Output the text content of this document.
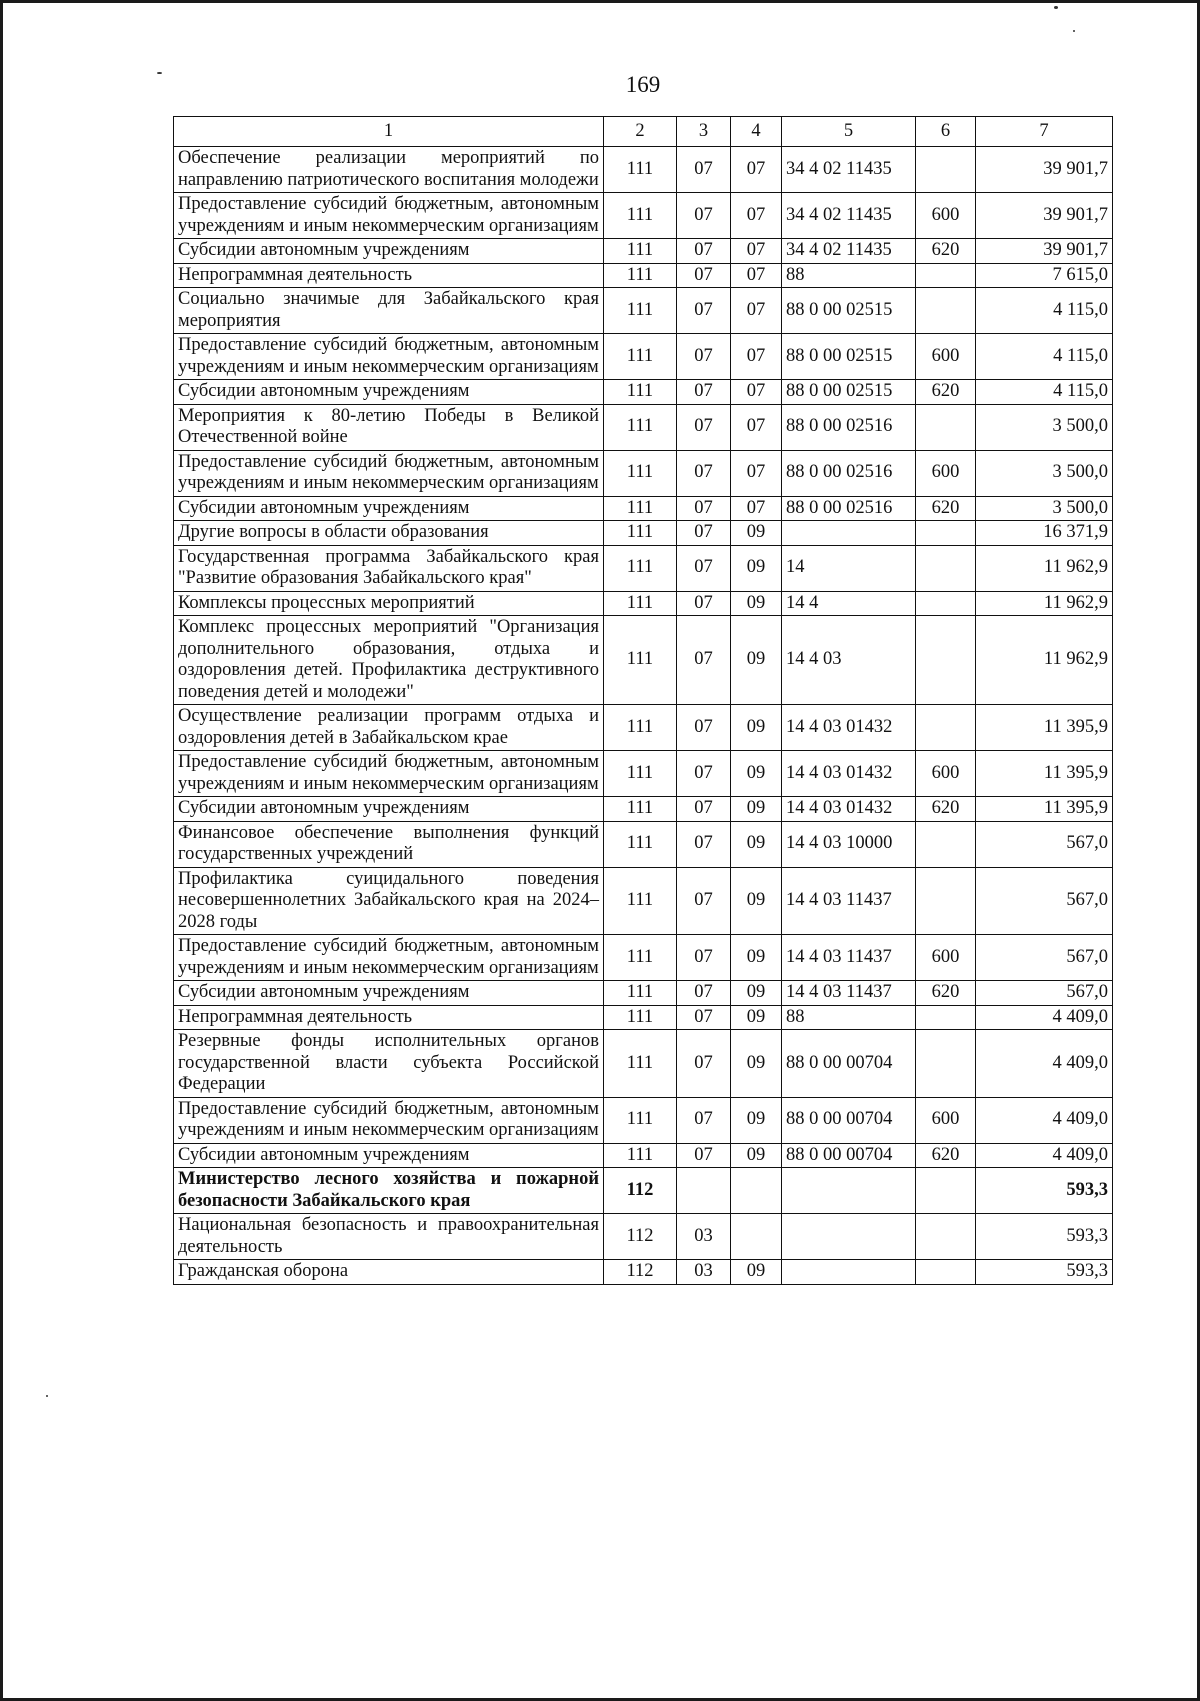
169
1	2	3	4	5	6	7
Обеспечение реализации мероприятий по направлению патриотического воспитания молодежи	111	07	07	34 4 02 11435		39 901,7
Предоставление субсидий бюджетным, автономным учреждениям и иным некоммерческим организациям	111	07	07	34 4 02 11435	600	39 901,7
Субсидии автономным учреждениям	111	07	07	34 4 02 11435	620	39 901,7
Непрограммная деятельность	111	07	07	88		7 615,0
Социально значимые для Забайкальского края мероприятия	111	07	07	88 0 00 02515		4 115,0
Предоставление субсидий бюджетным, автономным учреждениям и иным некоммерческим организациям	111	07	07	88 0 00 02515	600	4 115,0
Субсидии автономным учреждениям	111	07	07	88 0 00 02515	620	4 115,0
Мероприятия к 80-летию Победы в Великой Отечественной войне	111	07	07	88 0 00 02516		3 500,0
Предоставление субсидий бюджетным, автономным учреждениям и иным некоммерческим организациям	111	07	07	88 0 00 02516	600	3 500,0
Субсидии автономным учреждениям	111	07	07	88 0 00 02516	620	3 500,0
Другие вопросы в области образования	111	07	09			16 371,9
Государственная программа Забайкальского края "Развитие образования Забайкальского края"	111	07	09	14		11 962,9
Комплексы процессных мероприятий	111	07	09	14 4		11 962,9
Комплекс процессных мероприятий "Организация дополнительного образования, отдыха и оздоровления детей. Профилактика деструктивного поведения детей и молодежи"	111	07	09	14 4 03		11 962,9
Осуществление реализации программ отдыха и оздоровления детей в Забайкальском крае	111	07	09	14 4 03 01432		11 395,9
Предоставление субсидий бюджетным, автономным учреждениям и иным некоммерческим организациям	111	07	09	14 4 03 01432	600	11 395,9
Субсидии автономным учреждениям	111	07	09	14 4 03 01432	620	11 395,9
Финансовое обеспечение выполнения функций государственных учреждений	111	07	09	14 4 03 10000		567,0
Профилактика суицидального поведения несовершеннолетних Забайкальского края на 2024–2028 годы	111	07	09	14 4 03 11437		567,0
Предоставление субсидий бюджетным, автономным учреждениям и иным некоммерческим организациям	111	07	09	14 4 03 11437	600	567,0
Субсидии автономным учреждениям	111	07	09	14 4 03 11437	620	567,0
Непрограммная деятельность	111	07	09	88		4 409,0
Резервные фонды исполнительных органов государственной власти субъекта Российской Федерации	111	07	09	88 0 00 00704		4 409,0
Предоставление субсидий бюджетным, автономным учреждениям и иным некоммерческим организациям	111	07	09	88 0 00 00704	600	4 409,0
Субсидии автономным учреждениям	111	07	09	88 0 00 00704	620	4 409,0
Министерство лесного хозяйства и пожарной безопасности Забайкальского края	112					593,3
Национальная безопасность и правоохранительная деятельность	112	03				593,3
Гражданская оборона	112	03	09			593,3
